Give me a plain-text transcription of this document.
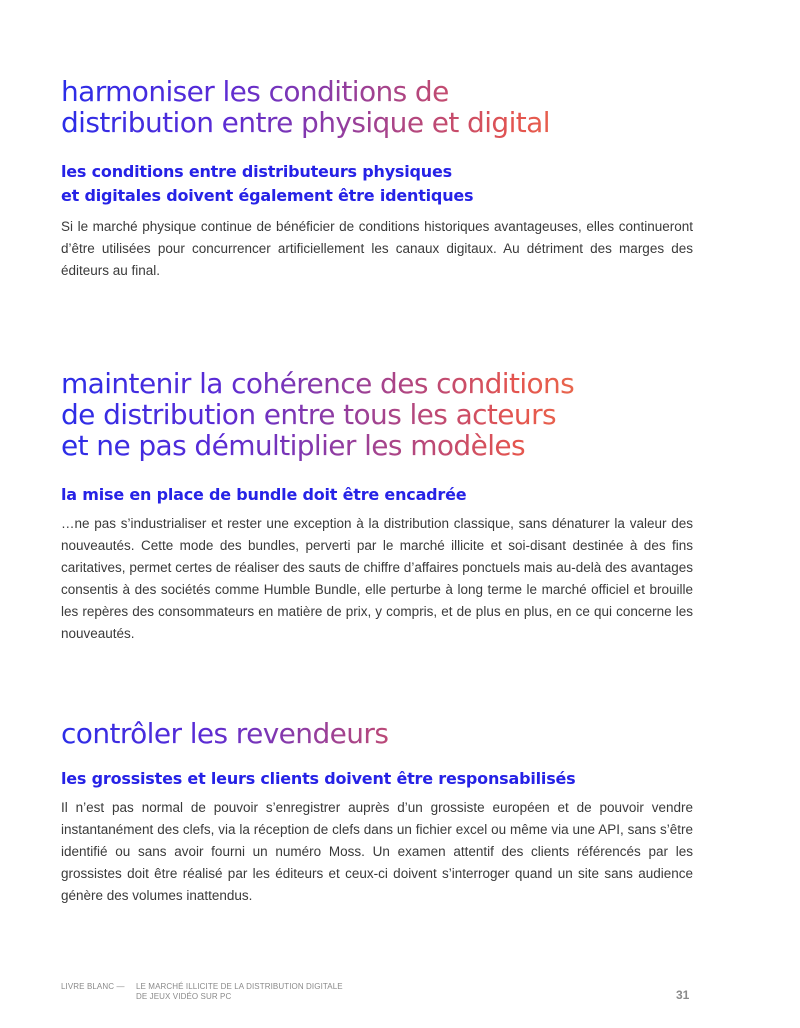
harmoniser les conditions de
distribution entre physique et digital
les conditions entre distributeurs physiques
et digitales doivent également être identiques

Si le marché physique continue de bénéficier de conditions historiques avantageuses, elles continueront d’être utilisées pour concurrencer artificiellement les canaux digitaux. Au détriment des marges des éditeurs au final.

maintenir la cohérence des conditions
de distribution entre tous les acteurs
et ne pas démultiplier les modèles
la mise en place de bundle doit être encadrée

…ne pas s’industrialiser et rester une exception à la distribution classique, sans dénaturer la valeur des nouveautés. Cette mode des bundles, perverti par le marché illicite et soi-disant destinée à des fins caritatives, permet certes de réaliser des sauts de chiffre d’affaires ponctuels mais au-delà des avantages consentis à des sociétés comme Humble Bundle, elle perturbe à long terme le marché officiel et brouille les repères des consommateurs en matière de prix, y compris, et de plus en plus, en ce qui concerne les nouveautés.

contrôler les revendeurs
les grossistes et leurs clients doivent être responsabilisés

Il n’est pas normal de pouvoir s’enregistrer auprès d’un grossiste européen et de pouvoir vendre instantanément des clefs, via la réception de clefs dans un fichier excel ou même via une API, sans s’être identifié ou sans avoir fourni un numéro Moss. Un examen attentif des clients référencés par les grossistes doit être réalisé par les éditeurs et ceux-ci doivent s’interroger quand un site sans audience génère des volumes inattendus.

LIVRE BLANC —	LE MARCHÉ ILLICITE DE LA DISTRIBUTION DIGITALE
DE JEUX VIDÉO SUR PC	31
